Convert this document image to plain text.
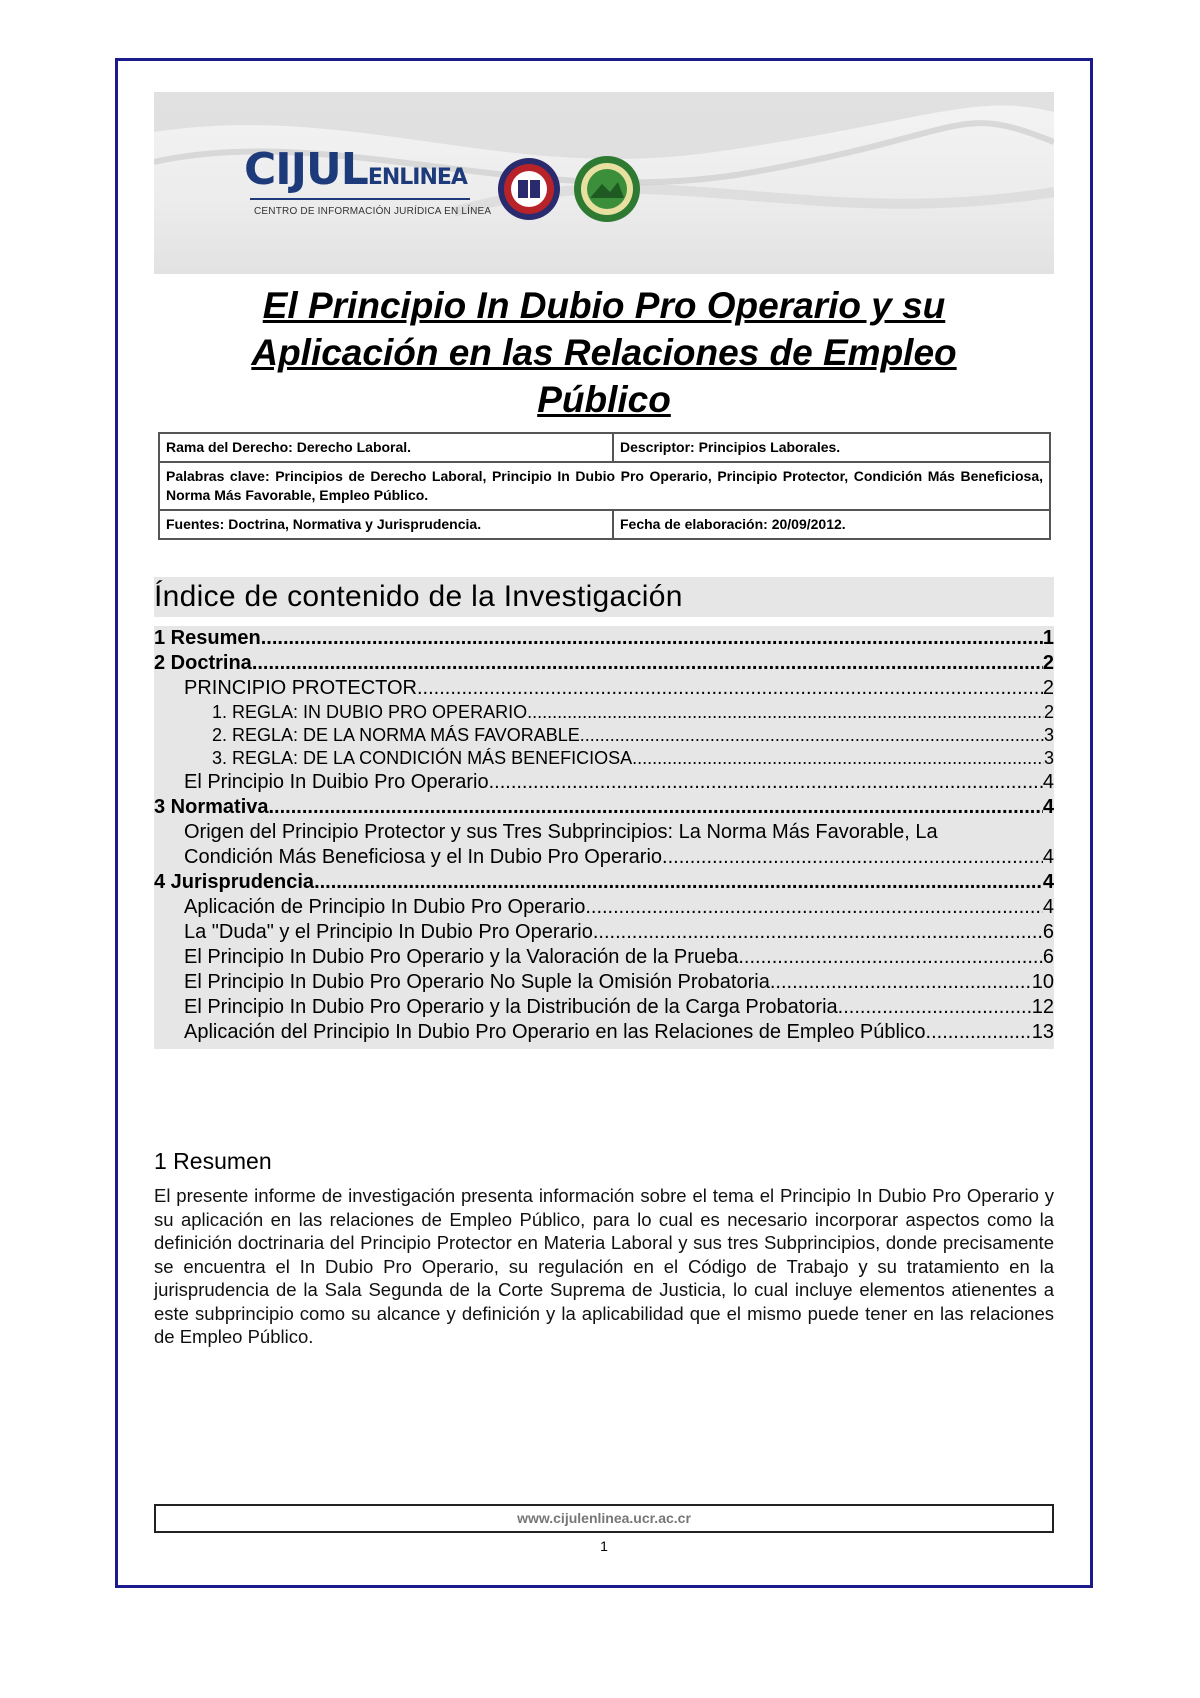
CIJULENLINEA
CENTRO DE INFORMACIÓN JURÍDICA EN LÍNEA
El Principio In Dubio Pro Operario y su
Aplicación en las Relaciones de Empleo
Público
Rama del Derecho: Derecho Laboral.	Descriptor: Principios Laborales.
Palabras clave: Principios de Derecho Laboral, Principio In Dubio Pro Operario, Principio Protector, Condición Más Beneficiosa, Norma Más Favorable, Empleo Público.	
Fuentes: Doctrina, Normativa y Jurisprudencia.	Fecha de elaboración: 20/09/2012.
Índice de contenido de la Investigación
1 Resumen .....	1
2 Doctrina .....	2
PRINCIPIO PROTECTOR .....	2
1. REGLA: IN DUBIO PRO OPERARIO .....	2
2. REGLA: DE LA NORMA MÁS FAVORABLE .....	3
3. REGLA: DE LA CONDICIÓN MÁS BENEFICIOSA .....	3
El Principio In Duibio Pro Operario .....	4
3 Normativa .....	4
Origen del Principio Protector y sus Tres Subprincipios: La Norma Más Favorable, La
Condición Más Beneficiosa y el In Dubio Pro Operario. .....	4
4 Jurisprudencia .....	4
Aplicación de Principio In Dubio Pro Operario .....	4
La "Duda" y el Principio In Dubio Pro Operario .....	6
El Principio In Dubio Pro Operario y la Valoración de la Prueba .....	6
El Principio In Dubio Pro Operario No Suple la Omisión Probatoria .....	10
El Principio In Dubio Pro Operario y la Distribución de la Carga Probatoria .....	12
Aplicación del Principio In Dubio Pro Operario en las Relaciones de Empleo Público. .....	13
1 Resumen
El presente informe de investigación presenta información sobre el tema el Principio In Dubio Pro Operario y su aplicación en las relaciones de Empleo Público, para lo cual es necesario incorporar aspectos como la definición doctrinaria del Principio Protector en Materia Laboral y sus tres Subprincipios, donde precisamente se encuentra el In Dubio Pro Operario, su regulación en el Código de Trabajo y su tratamiento en la jurisprudencia de la Sala Segunda de la Corte Suprema de Justicia, lo cual incluye elementos atienentes a este subprincipio como su alcance y definición y la aplicabilidad que el mismo puede tener en las relaciones de Empleo Público.
www.cijulenlinea.ucr.ac.cr
1
